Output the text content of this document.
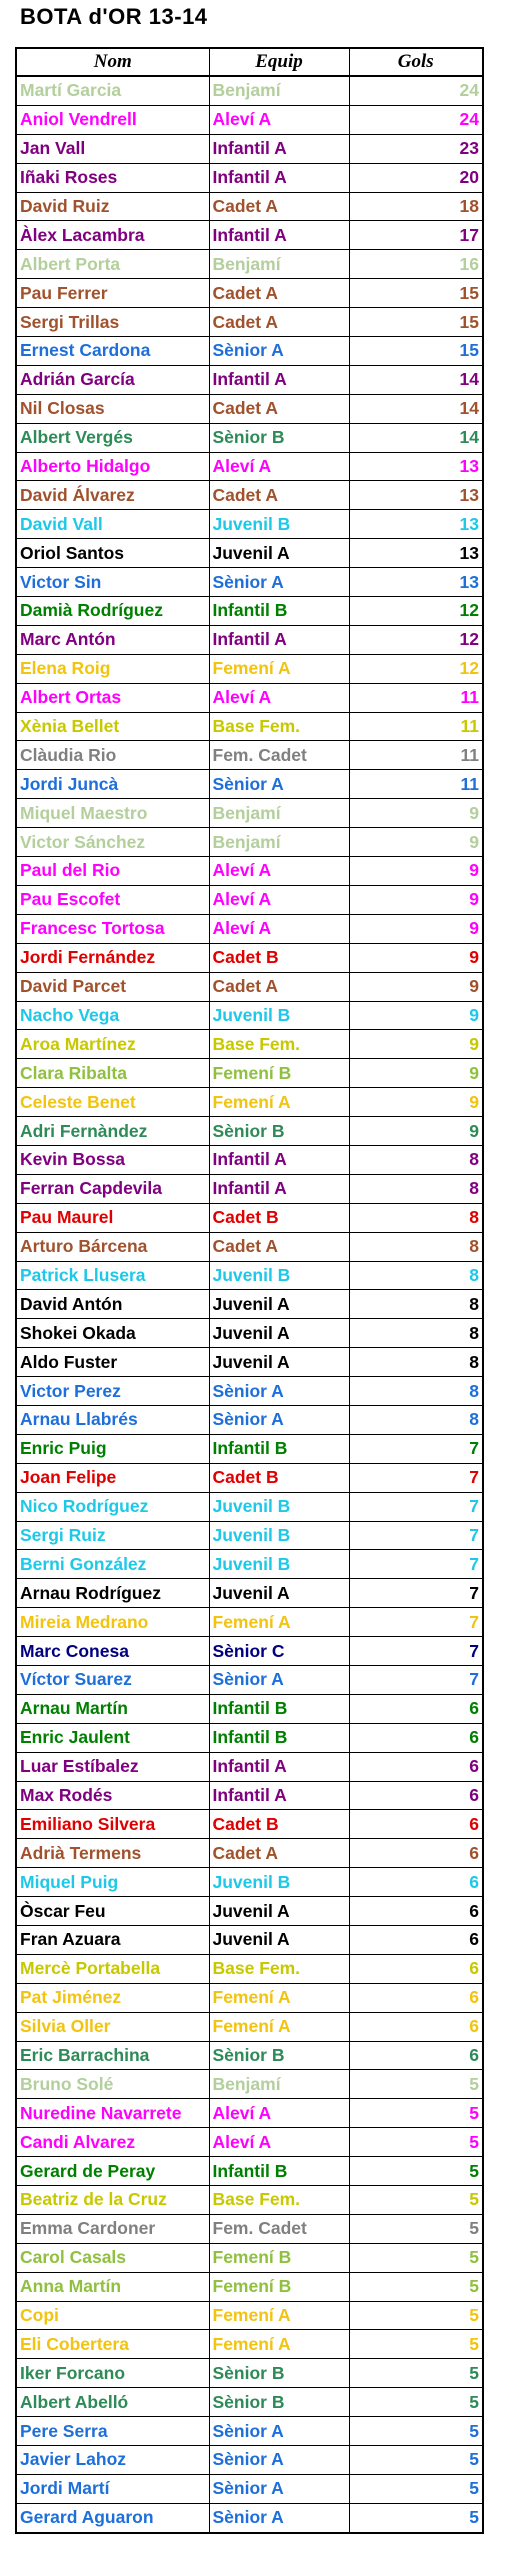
BOTA d'OR 13-14
Nom	Equip	Gols
Martí Garcia	Benjamí	24
Aniol Vendrell	Aleví A	24
Jan Vall	Infantil A	23
Iñaki Roses	Infantil A	20
David Ruiz	Cadet A	18
Àlex Lacambra	Infantil A	17
Albert Porta	Benjamí	16
Pau Ferrer	Cadet A	15
Sergi Trillas	Cadet A	15
Ernest Cardona	Sènior A	15
Adrián García	Infantil A	14
Nil Closas	Cadet A	14
Albert Vergés	Sènior B	14
Alberto Hidalgo	Aleví A	13
David Álvarez	Cadet A	13
David Vall	Juvenil B	13
Oriol Santos	Juvenil A	13
Victor Sin	Sènior A	13
Damià Rodríguez	Infantil B	12
Marc Antón	Infantil A	12
Elena Roig	Femení A	12
Albert Ortas	Aleví A	11
Xènia Bellet	Base Fem.	11
Clàudia Rio	Fem. Cadet	11
Jordi Juncà	Sènior A	11
Miquel Maestro	Benjamí	9
Victor Sánchez	Benjamí	9
Paul del Rio	Aleví A	9
Pau Escofet	Aleví A	9
Francesc Tortosa	Aleví A	9
Jordi Fernández	Cadet B	9
David Parcet	Cadet A	9
Nacho Vega	Juvenil B	9
Aroa Martínez	Base Fem.	9
Clara Ribalta	Femení B	9
Celeste Benet	Femení A	9
Adri Fernàndez	Sènior B	9
Kevin Bossa	Infantil A	8
Ferran Capdevila	Infantil A	8
Pau Maurel	Cadet B	8
Arturo Bárcena	Cadet A	8
Patrick Llusera	Juvenil B	8
David Antón	Juvenil A	8
Shokei Okada	Juvenil A	8
Aldo Fuster	Juvenil A	8
Victor Perez	Sènior A	8
Arnau Llabrés	Sènior A	8
Enric Puig	Infantil B	7
Joan Felipe	Cadet B	7
Nico Rodríguez	Juvenil B	7
Sergi Ruiz	Juvenil B	7
Berni González	Juvenil B	7
Arnau Rodríguez	Juvenil A	7
Mireia Medrano	Femení A	7
Marc Conesa	Sènior C	7
Víctor Suarez	Sènior A	7
Arnau Martín	Infantil B	6
Enric Jaulent	Infantil B	6
Luar Estíbalez	Infantil A	6
Max Rodés	Infantil A	6
Emiliano Silvera	Cadet B	6
Adrià Termens	Cadet A	6
Miquel Puig	Juvenil B	6
Òscar Feu	Juvenil A	6
Fran Azuara	Juvenil A	6
Mercè Portabella	Base Fem.	6
Pat Jiménez	Femení A	6
Silvia Oller	Femení A	6
Eric Barrachina	Sènior B	6
Bruno Solé	Benjamí	5
Nuredine Navarrete	Aleví A	5
Candi Alvarez	Aleví A	5
Gerard de Peray	Infantil B	5
Beatriz de la Cruz	Base Fem.	5
Emma Cardoner	Fem. Cadet	5
Carol Casals	Femení B	5
Anna Martín	Femení B	5
Copi	Femení A	5
Eli Cobertera	Femení A	5
Iker Forcano	Sènior B	5
Albert Abelló	Sènior B	5
Pere Serra	Sènior A	5
Javier Lahoz	Sènior A	5
Jordi Martí	Sènior A	5
Gerard Aguaron	Sènior A	5
